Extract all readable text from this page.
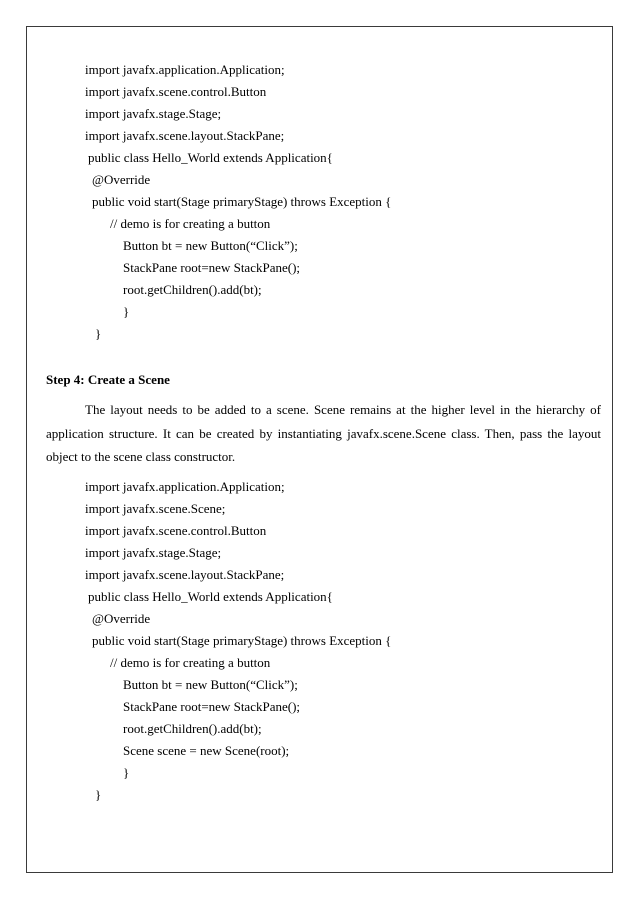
import javafx.application.Application;
import javafx.scene.control.Button
import javafx.stage.Stage;
import javafx.scene.layout.StackPane;
public class Hello_World extends Application{
@Override
public void start(Stage primaryStage) throws Exception {
// demo is for creating a button
Button bt = new Button(“Click”);
StackPane root=new StackPane();
root.getChildren().add(bt);
}
}
Step 4: Create a Scene
The layout needs to be added to a scene. Scene remains at the higher level in the hierarchy of
application structure. It can be created by instantiating javafx.scene.Scene class. Then, pass the layout
object to the scene class constructor.
import javafx.application.Application;
import javafx.scene.Scene;
import javafx.scene.control.Button
import javafx.stage.Stage;
import javafx.scene.layout.StackPane;
public class Hello_World extends Application{
@Override
public void start(Stage primaryStage) throws Exception {
// demo is for creating a button
Button bt = new Button(“Click”);
StackPane root=new StackPane();
root.getChildren().add(bt);
Scene scene = new Scene(root);
}
}
